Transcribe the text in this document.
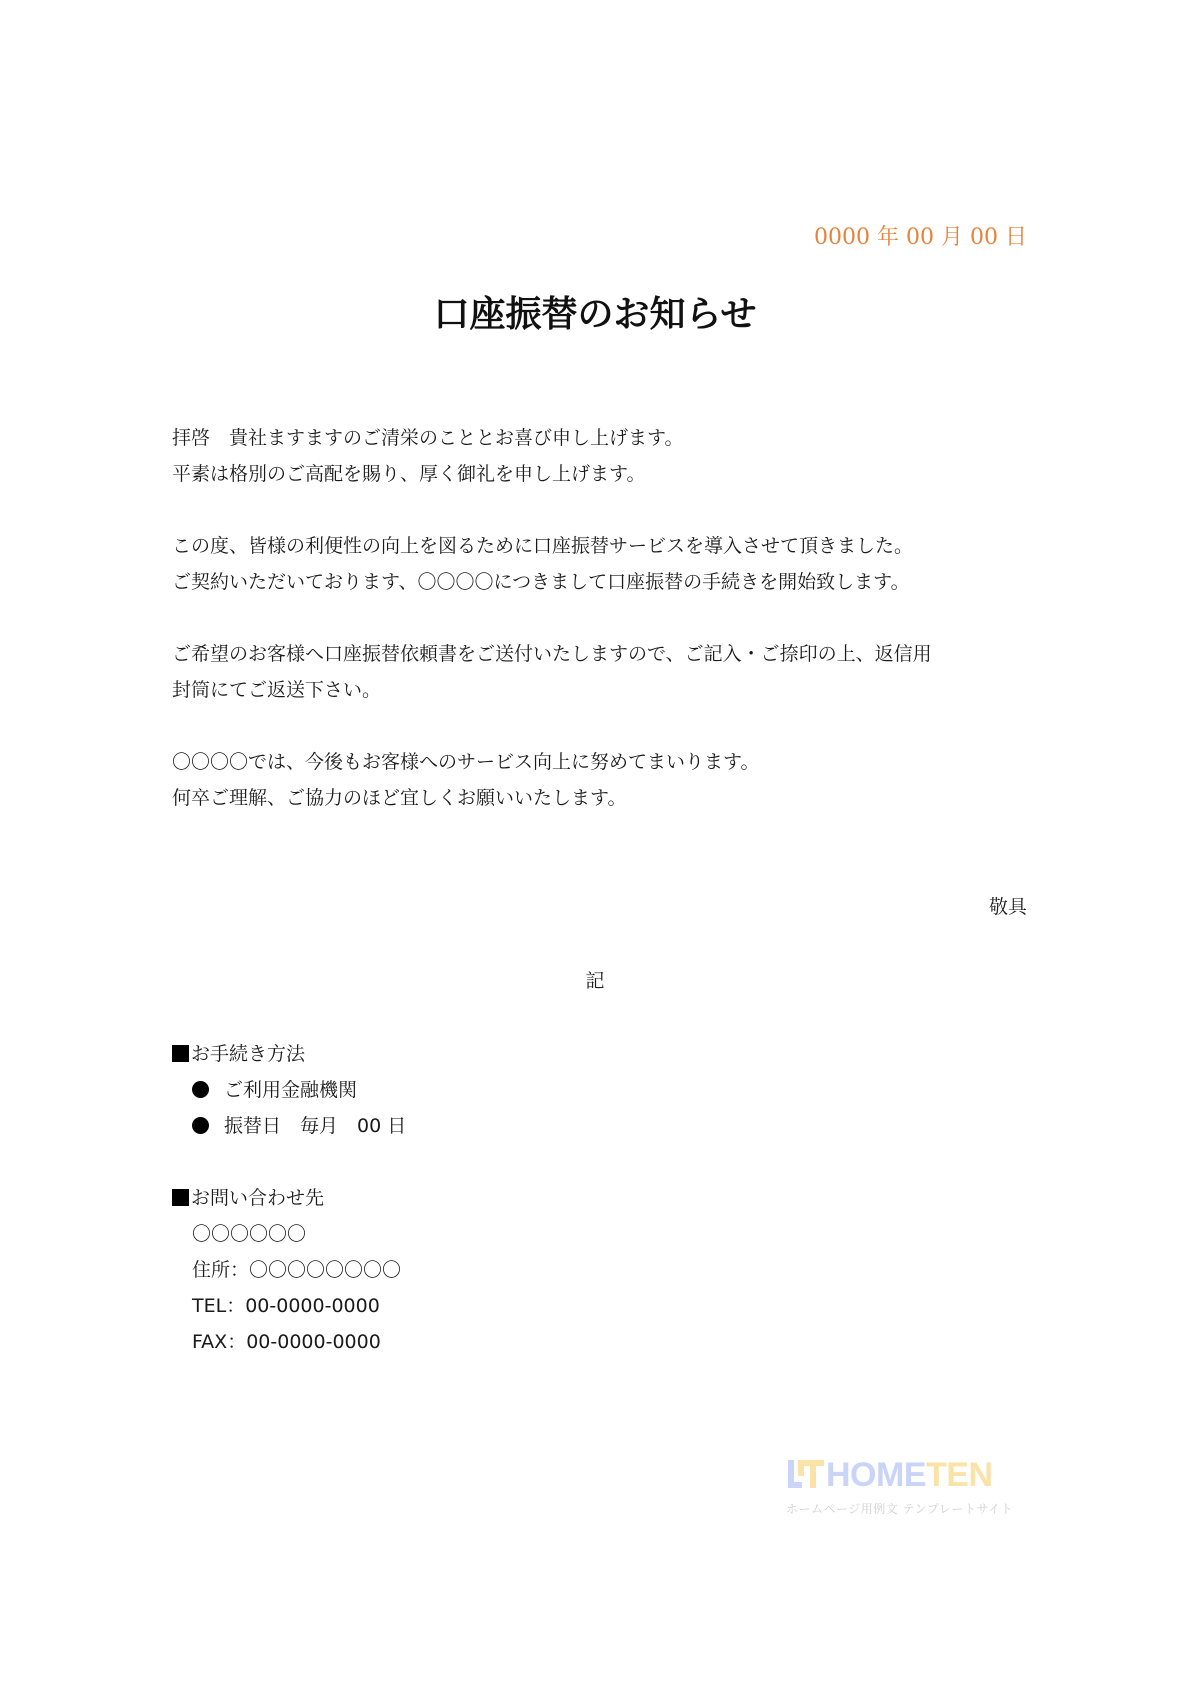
0000 年 00 月 00 日
口座振替のお知らせ
拝啓　貴社ますますのご清栄のこととお喜び申し上げます。
平素は格別のご高配を賜り、厚く御礼を申し上げます。
この度、皆様の利便性の向上を図るために口座振替サービスを導入させて頂きました。
ご契約いただいております、〇〇〇〇につきまして口座振替の手続きを開始致します。
ご希望のお客様へ口座振替依頼書をご送付いたしますので、ご記入・ご捺印の上、返信用
封筒にてご返送下さい。
〇〇〇〇では、今後もお客様へのサービス向上に努めてまいります。
何卒ご理解、ご協力のほど宜しくお願いいたします。
敬具
記
お手続き方法
ご利用金融機関
振替日　毎月　00 日
お問い合わせ先
〇〇〇〇〇〇
住所：〇〇〇〇〇〇〇〇
TEL：00-0000-0000
FAX：00-0000-0000
HOMETEN
ホームページ用例文 テンプレートサイト
